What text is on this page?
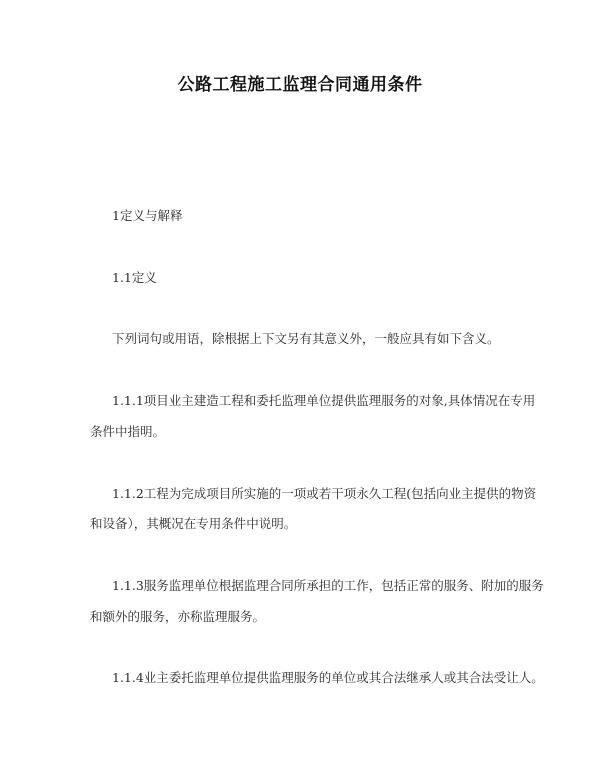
公路工程施工监理合同通用条件
1定义与解释
1.1定义
下列词句或用语，除根据上下文另有其意义外，一般应具有如下含义。
1.1.1项目业主建造工程和委托监理单位提供监理服务的对象,具体情况在专用
条件中指明。
1.1.2工程为完成项目所实施的一项或若干项永久工程(包括向业主提供的物资
和设备），其概况在专用条件中说明。
1.1.3服务监理单位根据监理合同所承担的工作，包括正常的服务、附加的服务
和额外的服务，亦称监理服务。
1.1.4业主委托监理单位提供监理服务的单位或其合法继承人或其合法受让人。
